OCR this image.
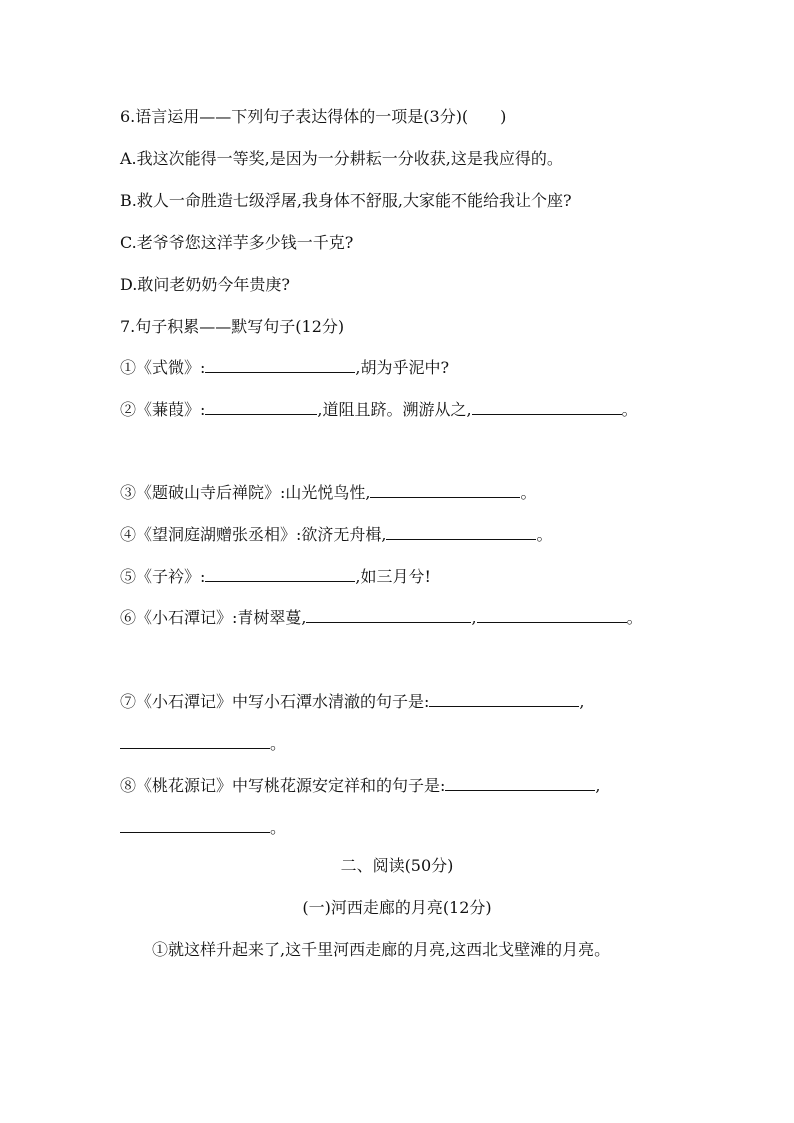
6.语言运用——下列句子表达得体的一项是(3分)(　　)
A.我这次能得一等奖,是因为一分耕耘一分收获,这是我应得的。
B.救人一命胜造七级浮屠,我身体不舒服,大家能不能给我让个座?
C.老爷爷您这洋芋多少钱一千克?
D.敢问老奶奶今年贵庚?
7.句子积累——默写句子(12分)
①《式微》:	,胡为乎泥中?
②《蒹葭》:	,道阻且跻。溯游从之,	。
③《题破山寺后禅院》:山光悦鸟性,	。
④《望洞庭湖赠张丞相》:欲济无舟楫,	。
⑤《子衿》:	,如三月兮!
⑥《小石潭记》:青树翠蔓,	,	。
⑦《小石潭记》中写小石潭水清澈的句子是:	,
。
⑧《桃花源记》中写桃花源安定祥和的句子是:	,
。
二、阅读(50分)
(一)河西走廊的月亮(12分)
①就这样升起来了,这千里河西走廊的月亮,这西北戈壁滩的月亮。
